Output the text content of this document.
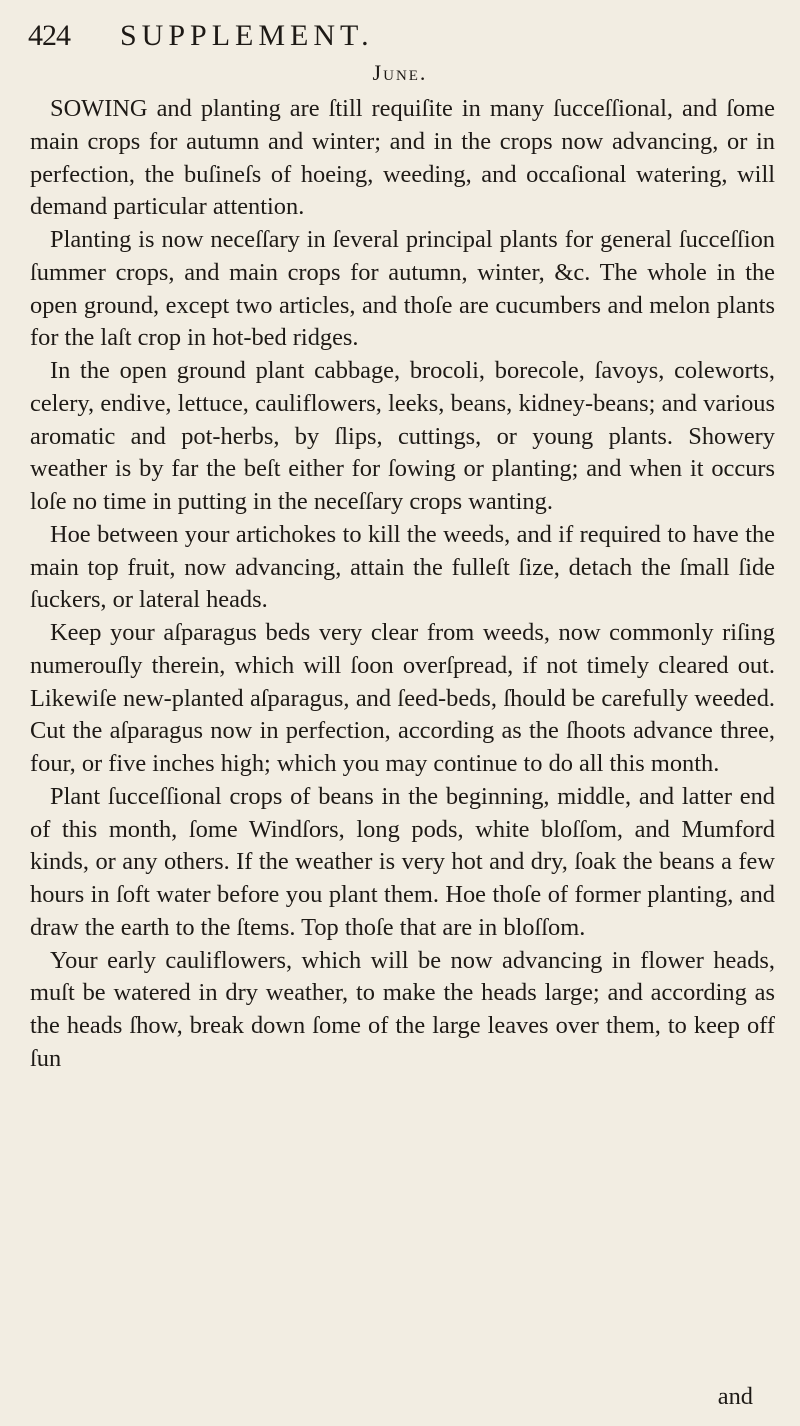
424 SUPPLEMENT.
June.

SOWING and planting are ſtill requiſite in many ſucceſſional, and ſome main crops for autumn and winter; and in the crops now advancing, or in perfection, the buſineſs of hoeing, weeding, and occaſional watering, will demand particular attention.

Planting is now neceſſary in ſeveral principal plants for general ſucceſſion ſummer crops, and main crops for autumn, winter, &c. The whole in the open ground, except two articles, and thoſe are cucumbers and melon plants for the laſt crop in hot-bed ridges.

In the open ground plant cabbage, brocoli, borecole, ſavoys, coleworts, celery, endive, lettuce, cauliflowers, leeks, beans, kidney-beans; and various aromatic and pot-herbs, by ſlips, cuttings, or young plants. Showery weather is by far the beſt either for ſowing or planting; and when it occurs loſe no time in putting in the neceſſary crops wanting.

Hoe between your artichokes to kill the weeds, and if required to have the main top fruit, now advancing, attain the fulleſt ſize, detach the ſmall ſide ſuckers, or lateral heads.

Keep your aſparagus beds very clear from weeds, now commonly riſing numerouſly therein, which will ſoon overſpread, if not timely cleared out. Likewiſe new-planted aſparagus, and ſeed-beds, ſhould be carefully weeded. Cut the aſparagus now in perfection, according as the ſhoots advance three, four, or five inches high; which you may continue to do all this month.

Plant ſucceſſional crops of beans in the beginning, middle, and latter end of this month, ſome Windſors, long pods, white bloſſom, and Mumford kinds, or any others. If the weather is very hot and dry, ſoak the beans a few hours in ſoft water before you plant them. Hoe thoſe of former planting, and draw the earth to the ſtems. Top thoſe that are in bloſſom.

Your early cauliflowers, which will be now advancing in flower heads, muſt be watered in dry weather, to make the heads large; and according as the heads ſhow, break down ſome of the large leaves over them, to keep off ſun

and
